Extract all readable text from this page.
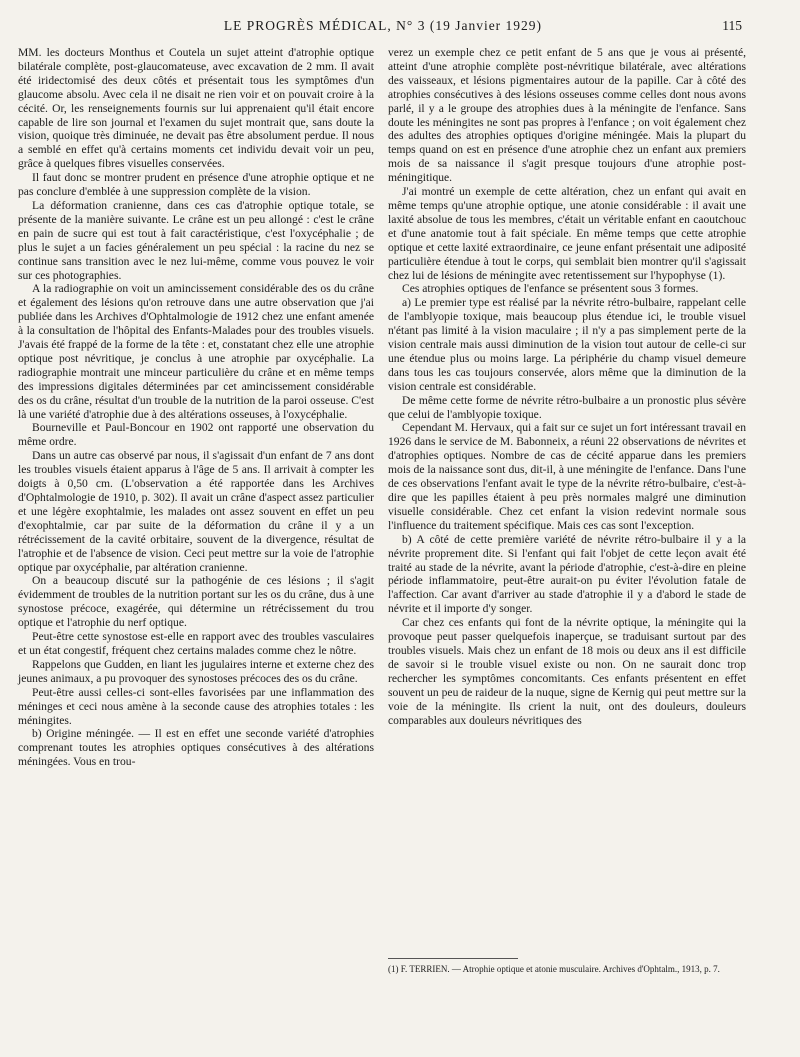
LE PROGRÈS MÉDICAL, N° 3 (19 Janvier 1929)	115

MM. les docteurs Monthus et Coutela un sujet atteint d'atrophie optique bilatérale complète, post-glaucomateuse, avec excavation de 2 mm. Il avait été iridectomisé des deux côtés et présentait tous les symptômes d'un glaucome absolu. Avec cela il ne disait ne rien voir et on pouvait croire à la cécité. Or, les renseignements fournis sur lui apprenaient qu'il était encore capable de lire son journal et l'examen du sujet montrait que, sans doute la vision, quoique très diminuée, ne devait pas être absolument perdue. Il nous a semblé en effet qu'à certains moments cet individu devait voir un peu, grâce à quelques fibres visuelles conservées.

Il faut donc se montrer prudent en présence d'une atrophie optique et ne pas conclure d'emblée à une suppression complète de la vision.

La déformation cranienne, dans ces cas d'atrophie optique totale, se présente de la manière suivante. Le crâne est un peu allongé : c'est le crâne en pain de sucre qui est tout à fait caractéristique, c'est l'oxycéphalie ; de plus le sujet a un facies généralement un peu spécial : la racine du nez se continue sans transition avec le nez lui-même, comme vous pouvez le voir sur ces photographies.

A la radiographie on voit un amincissement considérable des os du crâne et également des lésions qu'on retrouve dans une autre observation que j'ai publiée dans les Archives d'Ophtalmologie de 1912 chez une enfant amenée à la consultation de l'hôpital des Enfants-Malades pour des troubles visuels. J'avais été frappé de la forme de la tête : et, constatant chez elle une atrophie optique post névritique, je conclus à une atrophie par oxycéphalie. La radiographie montrait une minceur particulière du crâne et en même temps des impressions digitales déterminées par cet amincissement considérable des os du crâne, résultat d'un trouble de la nutrition de la paroi osseuse. C'est là une variété d'atrophie due à des altérations osseuses, à l'oxycéphalie.

Bourneville et Paul-Boncour en 1902 ont rapporté une observation du même ordre.

Dans un autre cas observé par nous, il s'agissait d'un enfant de 7 ans dont les troubles visuels étaient apparus à l'âge de 5 ans. Il arrivait à compter les doigts à 0,50 cm. (L'observation a été rapportée dans les Archives d'Ophtalmologie de 1910, p. 302). Il avait un crâne d'aspect assez particulier et une légère exophtalmie, les malades ont assez souvent en effet un peu d'exophtalmie, car par suite de la déformation du crâne il y a un rétrécissement de la cavité orbitaire, souvent de la divergence, résultat de l'atrophie et de l'absence de vision. Ceci peut mettre sur la voie de l'atrophie optique par oxycéphalie, par altération cranienne.

On a beaucoup discuté sur la pathogénie de ces lésions ; il s'agit évidemment de troubles de la nutrition portant sur les os du crâne, dus à une synostose précoce, exagérée, qui détermine un rétrécissement du trou optique et l'atrophie du nerf optique.

Peut-être cette synostose est-elle en rapport avec des troubles vasculaires et un état congestif, fréquent chez certains malades comme chez le nôtre.

Rappelons que Gudden, en liant les jugulaires interne et externe chez des jeunes animaux, a pu provoquer des synostoses précoces des os du crâne.

Peut-être aussi celles-ci sont-elles favorisées par une inflammation des méninges et ceci nous amène à la seconde cause des atrophies totales : les méningites.

b) Origine méningée. — Il est en effet une seconde variété d'atrophies comprenant toutes les atrophies optiques consécutives à des altérations méningées. Vous en trou-

verez un exemple chez ce petit enfant de 5 ans que je vous ai présenté, atteint d'une atrophie complète post-névritique bilatérale, avec altérations des vaisseaux, et lésions pigmentaires autour de la papille. Car à côté des atrophies consécutives à des lésions osseuses comme celles dont nous avons parlé, il y a le groupe des atrophies dues à la méningite de l'enfance. Sans doute les méningites ne sont pas propres à l'enfance ; on voit également chez des adultes des atrophies optiques d'origine méningée. Mais la plupart du temps quand on est en présence d'une atrophie chez un enfant aux premiers mois de sa naissance il s'agit presque toujours d'une atrophie post-méningitique.

J'ai montré un exemple de cette altération, chez un enfant qui avait en même temps qu'une atrophie optique, une atonie considérable : il avait une laxité absolue de tous les membres, c'était un véritable enfant en caoutchouc et d'une anatomie tout à fait spéciale. En même temps que cette atrophie optique et cette laxité extraordinaire, ce jeune enfant présentait une adiposité particulière étendue à tout le corps, qui semblait bien montrer qu'il s'agissait chez lui de lésions de méningite avec retentissement sur l'hypophyse (1).

Ces atrophies optiques de l'enfance se présentent sous 3 formes.

a) Le premier type est réalisé par la névrite rétro-bulbaire, rappelant celle de l'amblyopie toxique, mais beaucoup plus étendue ici, le trouble visuel n'étant pas limité à la vision maculaire ; il n'y a pas simplement perte de la vision centrale mais aussi diminution de la vision tout autour de celle-ci sur une étendue plus ou moins large. La périphérie du champ visuel demeure dans tous les cas toujours conservée, alors même que la diminution de la vision centrale est considérable.

De même cette forme de névrite rétro-bulbaire a un pronostic plus sévère que celui de l'amblyopie toxique.

Cependant M. Hervaux, qui a fait sur ce sujet un fort intéressant travail en 1926 dans le service de M. Babonneix, a réuni 22 observations de névrites et d'atrophies optiques. Nombre de cas de cécité apparue dans les premiers mois de la naissance sont dus, dit-il, à une méningite de l'enfance. Dans l'une de ces observations l'enfant avait le type de la névrite rétro-bulbaire, c'est-à-dire que les papilles étaient à peu près normales malgré une diminution visuelle considérable. Chez cet enfant la vision redevint normale sous l'influence du traitement spécifique. Mais ces cas sont l'exception.

b) A côté de cette première variété de névrite rétro-bulbaire il y a la névrite proprement dite. Si l'enfant qui fait l'objet de cette leçon avait été traité au stade de la névrite, avant la période d'atrophie, c'est-à-dire en pleine période inflammatoire, peut-être aurait-on pu éviter l'évolution fatale de l'affection. Car avant d'arriver au stade d'atrophie il y a d'abord le stade de névrite et il importe d'y songer.

Car chez ces enfants qui font de la névrite optique, la méningite qui la provoque peut passer quelquefois inaperçue, se traduisant surtout par des troubles visuels. Mais chez un enfant de 18 mois ou deux ans il est difficile de savoir si le trouble visuel existe ou non. On ne saurait donc trop rechercher les symptômes concomitants. Ces enfants présentent en effet souvent un peu de raideur de la nuque, signe de Kernig qui peut mettre sur la voie de la méningite. Ils crient la nuit, ont des douleurs, douleurs comparables aux douleurs névritiques des

(1) F. TERRIEN. — Atrophie optique et atonie musculaire. Archives d'Ophtalm., 1913, p. 7.
